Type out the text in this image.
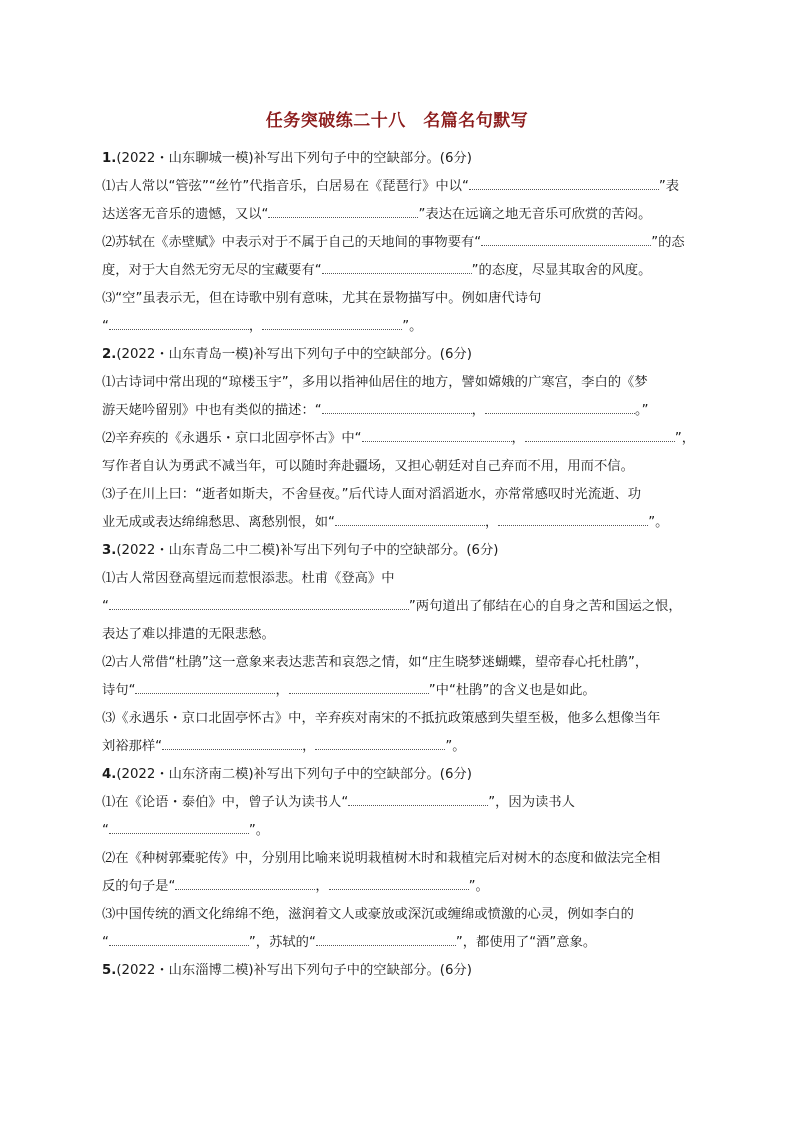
任务突破练二十八　名篇名句默写
1.(2022・山东聊城一模)补写出下列句子中的空缺部分。(6分)
⑴古人常以“管弦”“丝竹”代指音乐，白居易在《琵琶行》中以“	”表
达送客无音乐的遗憾，又以“	”表达在远谪之地无音乐可欣赏的苦闷。
⑵苏轼在《赤壁赋》中表示对于不属于自己的天地间的事物要有“	”的态
度，对于大自然无穷无尽的宝藏要有“	”的态度，尽显其取舍的风度。
⑶“空”虽表示无，但在诗歌中别有意味，尤其在景物描写中。例如唐代诗句
“	，	”。
2.(2022・山东青岛一模)补写出下列句子中的空缺部分。(6分)
⑴古诗词中常出现的“琼楼玉宇”，多用以指神仙居住的地方，譬如嫦娥的广寒宫，李白的《梦
游天姥吟留别》中也有类似的描述：“	，	。”
⑵辛弃疾的《永遇乐・京口北固亭怀古》中“	，	”，
写作者自认为勇武不减当年，可以随时奔赴疆场，又担心朝廷对自己弃而不用，用而不信。
⑶子在川上曰：“逝者如斯夫，不舍昼夜。”后代诗人面对滔滔逝水，亦常常感叹时光流逝、功
业无成或表达绵绵愁思、离愁别恨，如“	，	”。
3.(2022・山东青岛二中二模)补写出下列句子中的空缺部分。(6分)
⑴古人常因登高望远而惹恨添悲。杜甫《登高》中
“	”两句道出了郁结在心的自身之苦和国运之恨，
表达了难以排遣的无限悲愁。
⑵古人常借“杜鹃”这一意象来表达悲苦和哀怨之情，如“庄生晓梦迷蝴蝶，望帝春心托杜鹃”，
诗句“	，	”中“杜鹃”的含义也是如此。
⑶《永遇乐・京口北固亭怀古》中，辛弃疾对南宋的不抵抗政策感到失望至极，他多么想像当年
刘裕那样“	，	”。
4.(2022・山东济南二模)补写出下列句子中的空缺部分。(6分)
⑴在《论语・泰伯》中，曾子认为读书人“	”，因为读书人
“	”。
⑵在《种树郭橐驼传》中，分别用比喻来说明栽植树木时和栽植完后对树木的态度和做法完全相
反的句子是“	，	”。
⑶中国传统的酒文化绵绵不绝，滋润着文人或豪放或深沉或缠绵或愤激的心灵，例如李白的
“	”，苏轼的“	”，都使用了“酒”意象。
5.(2022・山东淄博二模)补写出下列句子中的空缺部分。(6分)
